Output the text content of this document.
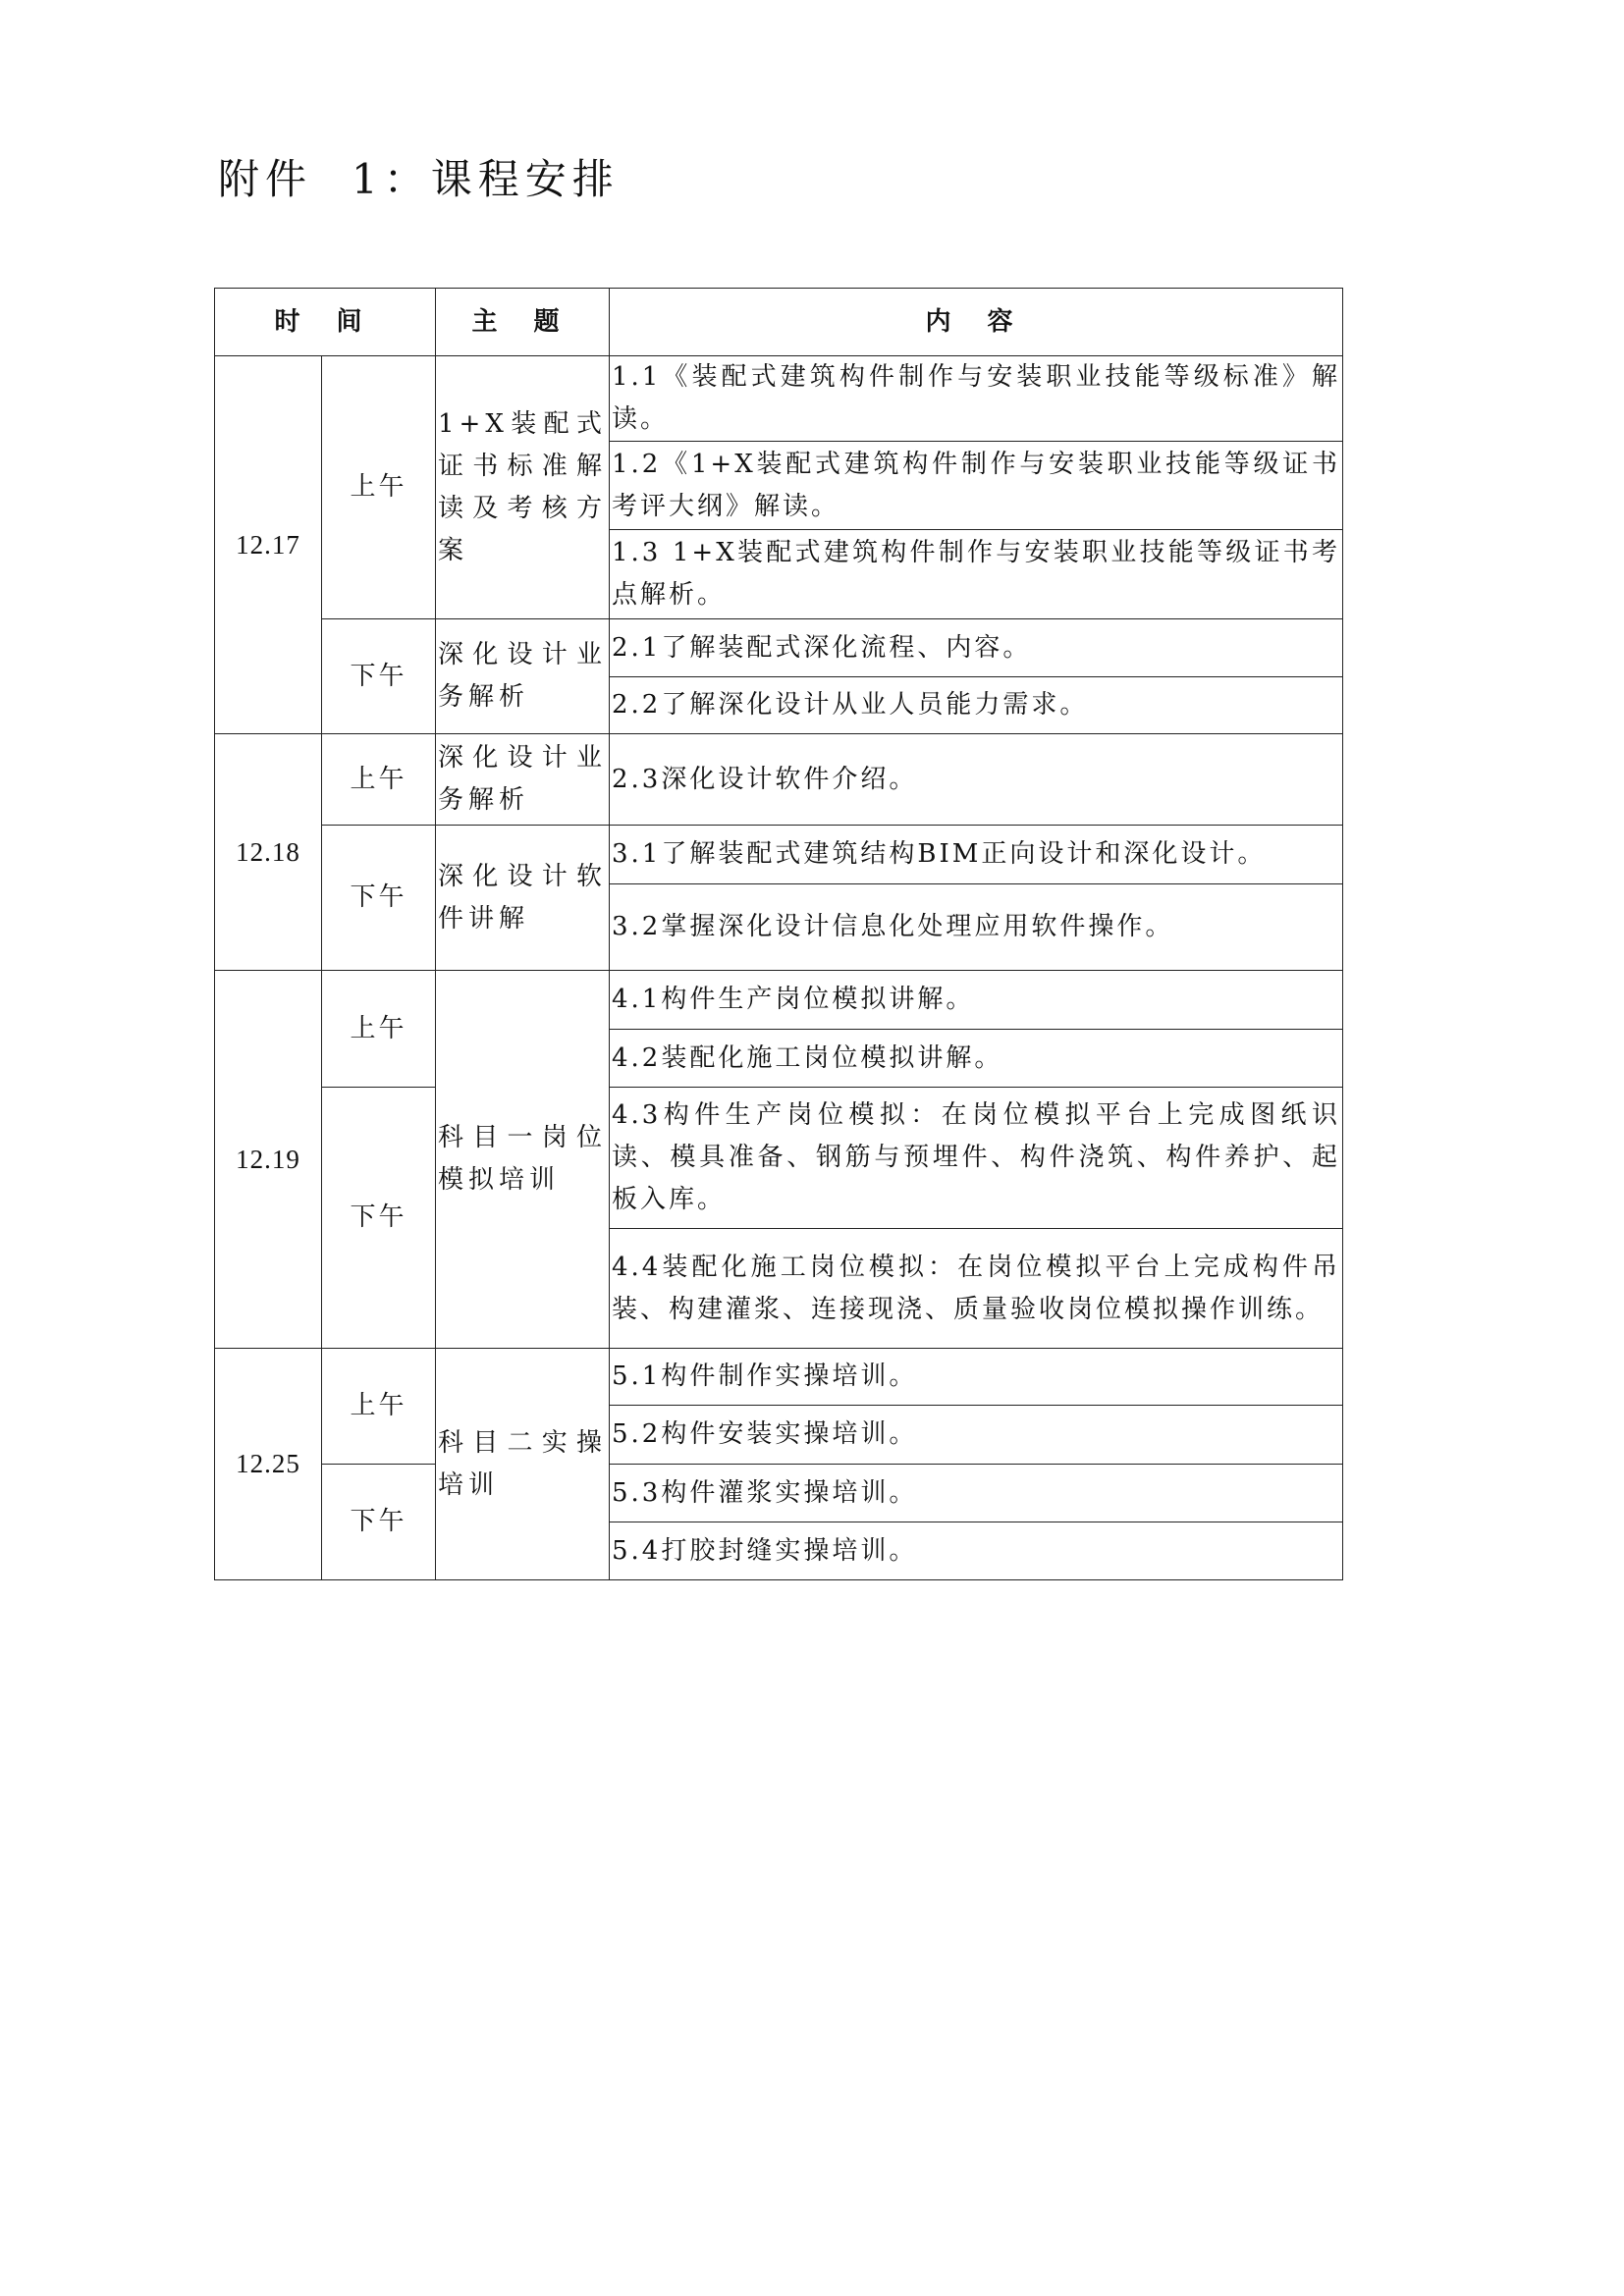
附件 1：课程安排
时 间		主 题	内 容
12.17	上午	1+X装配式证书标准解读及考核方案	1.1《装配式建筑构件制作与安装职业技能等级标准》解读。
			1.2《1+X装配式建筑构件制作与安装职业技能等级证书考评大纲》解读。
			1.3 1+X装配式建筑构件制作与安装职业技能等级证书考点解析。
	下午	深化设计业务解析	2.1了解装配式深化流程、内容。
			2.2了解深化设计从业人员能力需求。
12.18	上午	深化设计业务解析	2.3深化设计软件介绍。
	下午	深化设计软件讲解	3.1了解装配式建筑结构BIM正向设计和深化设计。
			3.2掌握深化设计信息化处理应用软件操作。
12.19	上午	科目一岗位模拟培训	4.1构件生产岗位模拟讲解。
			4.2装配化施工岗位模拟讲解。
	下午		4.3构件生产岗位模拟：在岗位模拟平台上完成图纸识读、模具准备、钢筋与预埋件、构件浇筑、构件养护、起板入库。
			4.4装配化施工岗位模拟：在岗位模拟平台上完成构件吊装、构建灌浆、连接现浇、质量验收岗位模拟操作训练。
12.25	上午	科目二实操培训	5.1构件制作实操培训。
			5.2构件安装实操培训。
	下午		5.3构件灌浆实操培训。
			5.4打胶封缝实操培训。
